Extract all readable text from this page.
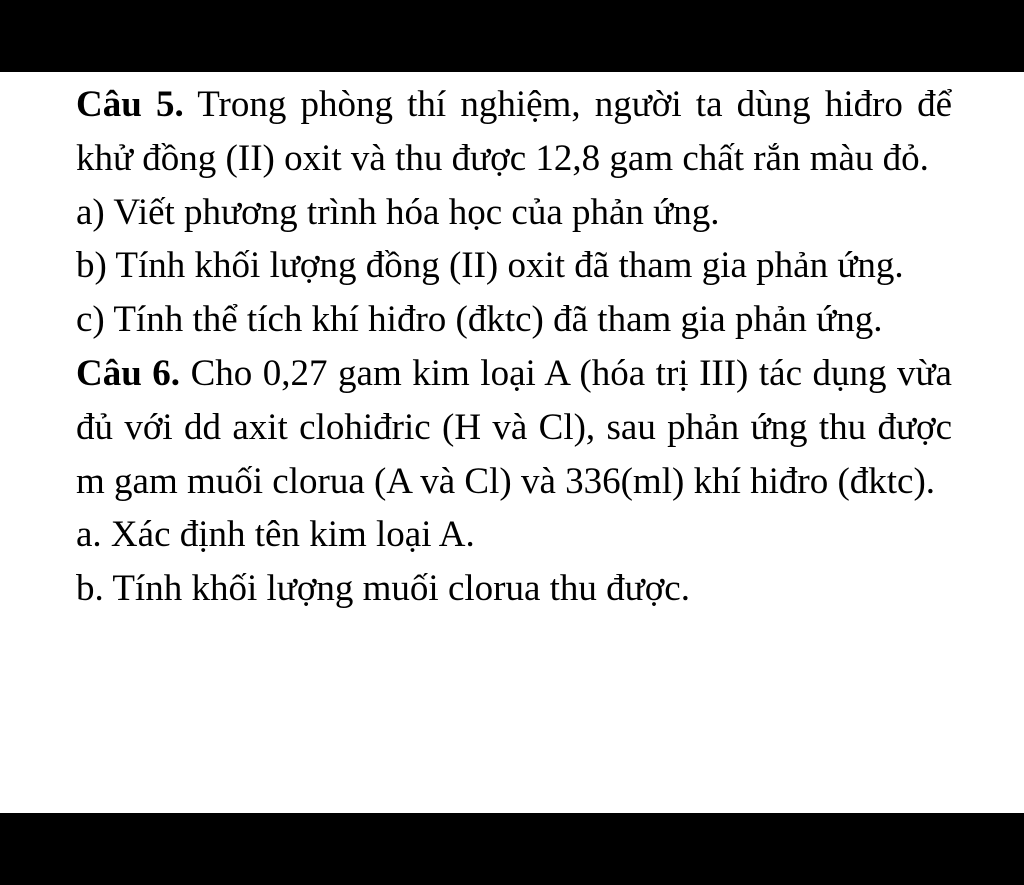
Câu 5. Trong phòng thí nghiệm, người ta dùng hiđro để khử đồng (II) oxit và thu được 12,8 gam chất rắn màu đỏ.

a) Viết phương trình hóa học của phản ứng.

b) Tính khối lượng đồng (II) oxit đã tham gia phản ứng.

c) Tính thể tích khí hiđro (đktc) đã tham gia phản ứng.

Câu 6. Cho 0,27 gam kim loại A (hóa trị III) tác dụng vừa đủ với dd axit clohiđric (H và Cl), sau phản ứng thu được m gam muối clorua (A và Cl) và 336(ml) khí hiđro (đktc).

a. Xác định tên kim loại A.

b. Tính khối lượng muối clorua thu được.
